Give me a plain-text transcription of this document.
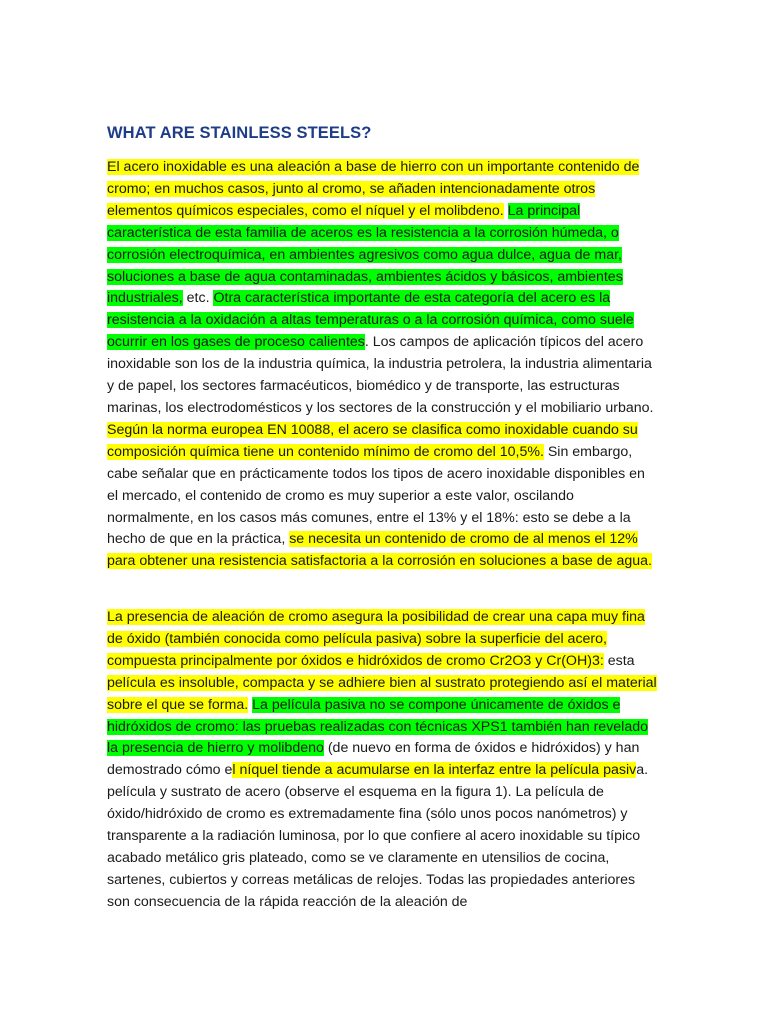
WHAT ARE STAINLESS STEELS?

El acero inoxidable es una aleación a base de hierro con un importante contenido de cromo; en muchos casos, junto al cromo, se añaden intencionadamente otros elementos químicos especiales, como el níquel y el molibdeno. La principal característica de esta familia de aceros es la resistencia a la corrosión húmeda, o corrosión electroquímica, en ambientes agresivos como agua dulce, agua de mar, soluciones a base de agua contaminadas, ambientes ácidos y básicos, ambientes industriales, etc. Otra característica importante de esta categoría del acero es la resistencia a la oxidación a altas temperaturas o a la corrosión química, como suele ocurrir en los gases de proceso calientes. Los campos de aplicación típicos del acero inoxidable son los de la industria química, la industria petrolera, la industria alimentaria y de papel, los sectores farmacéuticos, biomédico y de transporte, las estructuras marinas, los electrodomésticos y los sectores de la construcción y el mobiliario urbano. Según la norma europea EN 10088, el acero se clasifica como inoxidable cuando su composición química tiene un contenido mínimo de cromo del 10,5%. Sin embargo, cabe señalar que en prácticamente todos los tipos de acero inoxidable disponibles en el mercado, el contenido de cromo es muy superior a este valor, oscilando normalmente, en los casos más comunes, entre el 13% y el 18%: esto se debe a la hecho de que en la práctica, se necesita un contenido de cromo de al menos el 12% para obtener una resistencia satisfactoria a la corrosión en soluciones a base de agua.

La presencia de aleación de cromo asegura la posibilidad de crear una capa muy fina de óxido (también conocida como película pasiva) sobre la superficie del acero, compuesta principalmente por óxidos e hidróxidos de cromo Cr2O3 y Cr(OH)3: esta película es insoluble, compacta y se adhiere bien al sustrato protegiendo así el material sobre el que se forma. La película pasiva no se compone únicamente de óxidos e hidróxidos de cromo: las pruebas realizadas con técnicas XPS1 también han revelado la presencia de hierro y molibdeno (de nuevo en forma de óxidos e hidróxidos) y han demostrado cómo el níquel tiende a acumularse en la interfaz entre la película pasiva. película y sustrato de acero (observe el esquema en la figura 1). La película de óxido/hidróxido de cromo es extremadamente fina (sólo unos pocos nanómetros) y transparente a la radiación luminosa, por lo que confiere al acero inoxidable su típico acabado metálico gris plateado, como se ve claramente en utensilios de cocina, sartenes, cubiertos y correas metálicas de relojes. Todas las propiedades anteriores son consecuencia de la rápida reacción de la aleación de
